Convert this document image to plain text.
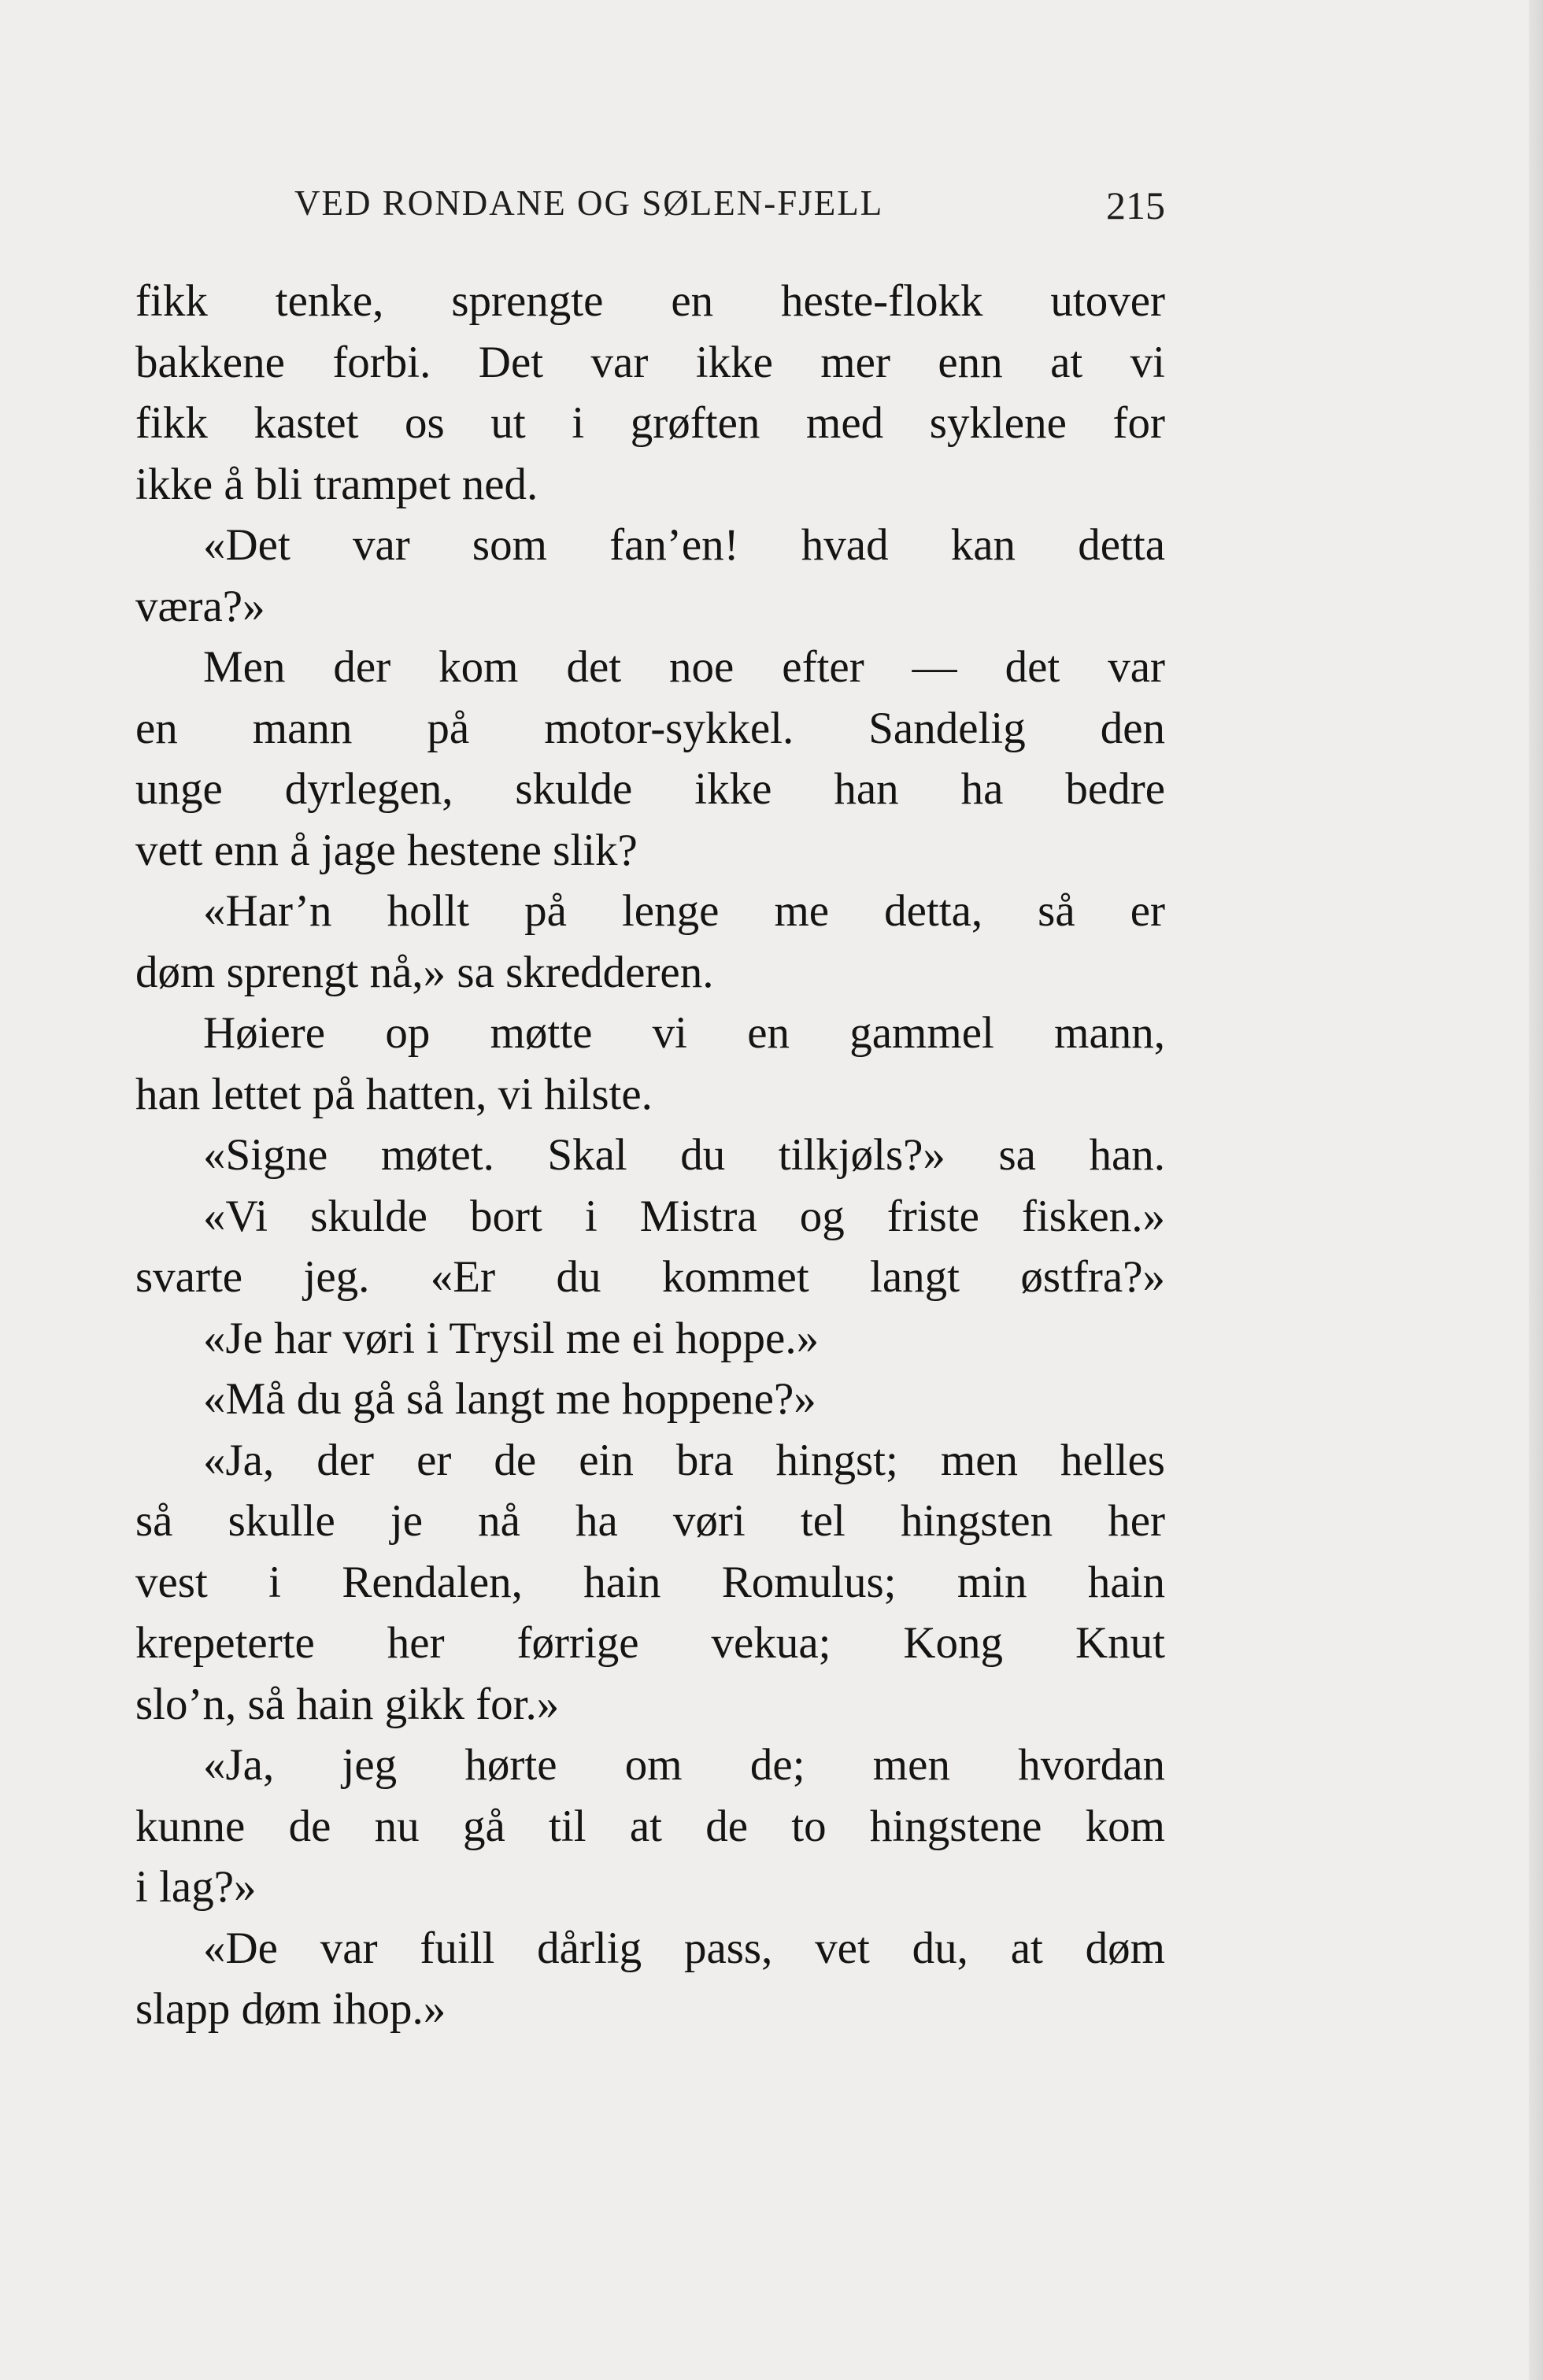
VED RONDANE OG SØLEN-FJELL	215
fikk tenke, sprengte en heste-flokk utover
bakkene forbi. Det var ikke mer enn at vi
fikk kastet os ut i grøften med syklene for
ikke å bli trampet ned.
«Det var som fan’en! hvad kan detta
væra?»
Men der kom det noe efter — det var
en mann på motor-sykkel. Sandelig den
unge dyrlegen, skulde ikke han ha bedre
vett enn å jage hestene slik?
«Har’n hollt på lenge me detta, så er
døm sprengt nå,» sa skredderen.
Høiere op møtte vi en gammel mann,
han lettet på hatten, vi hilste.
«Signe møtet. Skal du tilkjøls?» sa han.
«Vi skulde bort i Mistra og friste fisken.»
svarte jeg. «Er du kommet langt østfra?»
«Je har vøri i Trysil me ei hoppe.»
«Må du gå så langt me hoppene?»
«Ja, der er de ein bra hingst; men helles
så skulle je nå ha vøri tel hingsten her
vest i Rendalen, hain Romulus; min hain
krepeterte her førrige vekua; Kong Knut
slo’n, så hain gikk for.»
«Ja, jeg hørte om de; men hvordan
kunne de nu gå til at de to hingstene kom
i lag?»
«De var fuill dårlig pass, vet du, at døm
slapp døm ihop.»
